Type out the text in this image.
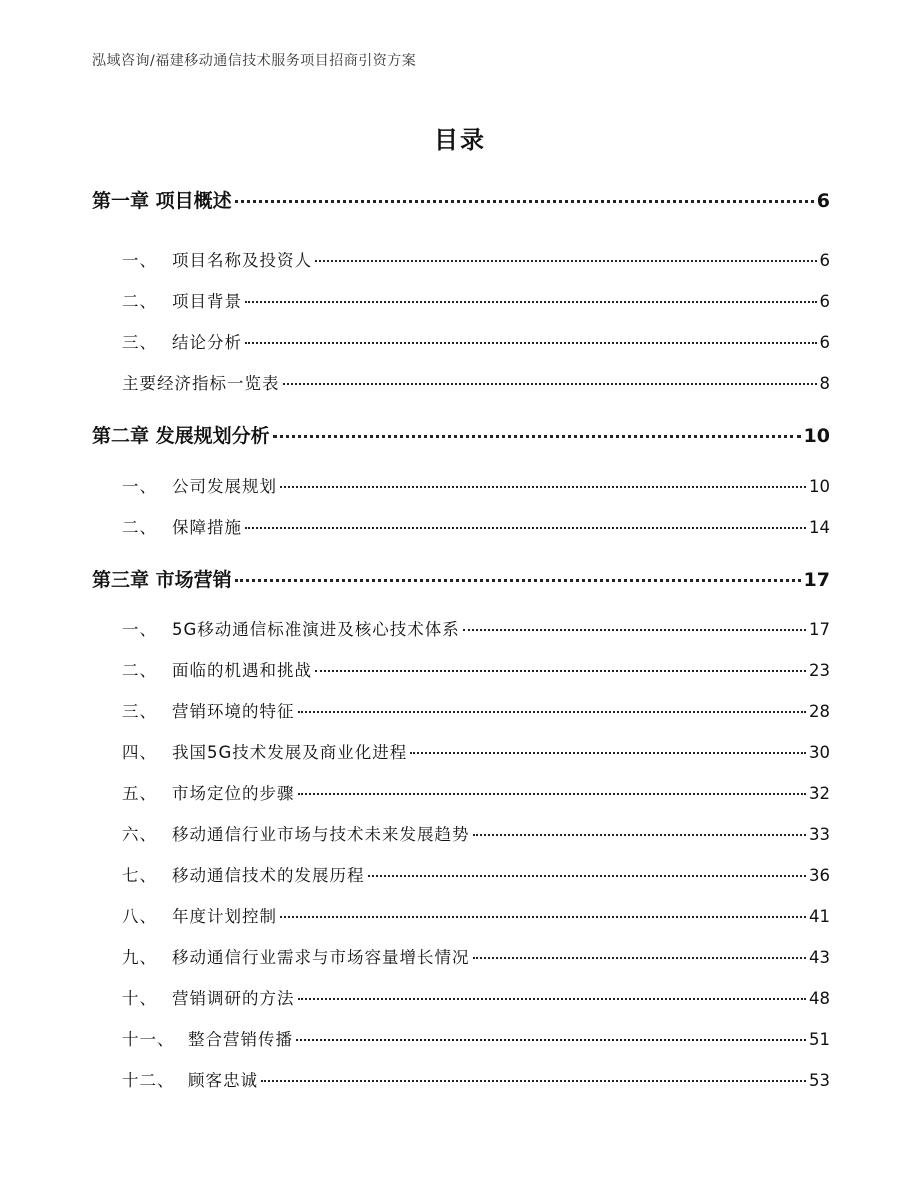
泓域咨询/福建移动通信技术服务项目招商引资方案
目录
第一章 项目概述	6
一、 项目名称及投资人	6
二、 项目背景	6
三、 结论分析	6
主要经济指标一览表	8
第二章 发展规划分析	10
一、 公司发展规划	10
二、 保障措施	14
第三章 市场营销	17
一、 5G移动通信标准演进及核心技术体系	17
二、 面临的机遇和挑战	23
三、 营销环境的特征	28
四、 我国5G技术发展及商业化进程	30
五、 市场定位的步骤	32
六、 移动通信行业市场与技术未来发展趋势	33
七、 移动通信技术的发展历程	36
八、 年度计划控制	41
九、 移动通信行业需求与市场容量增长情况	43
十、 营销调研的方法	48
十一、 整合营销传播	51
十二、 顾客忠诚	53
